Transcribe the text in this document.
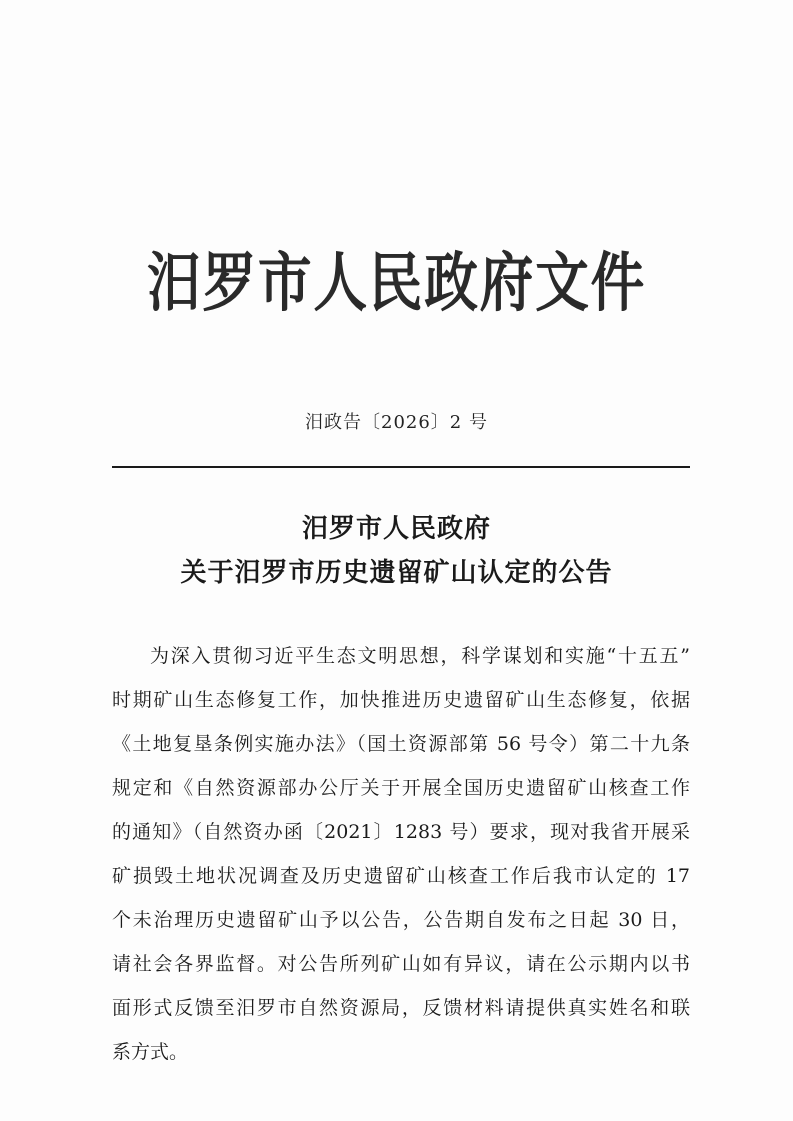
汨罗市人民政府文件
汨政告〔2026〕2 号
汨罗市人民政府
关于汨罗市历史遗留矿山认定的公告
为深入贯彻习近平生态文明思想，科学谋划和实施“十五五”
时期矿山生态修复工作，加快推进历史遗留矿山生态修复，依据
《土地复垦条例实施办法》（国土资源部第 56 号令）第二十九条
规定和《自然资源部办公厅关于开展全国历史遗留矿山核查工作
的通知》（自然资办函〔2021〕1283 号）要求，现对我省开展采
矿损毁土地状况调查及历史遗留矿山核查工作后我市认定的 17
个未治理历史遗留矿山予以公告，公告期自发布之日起 30 日，
请社会各界监督。对公告所列矿山如有异议，请在公示期内以书
面形式反馈至汨罗市自然资源局，反馈材料请提供真实姓名和联
系方式。
